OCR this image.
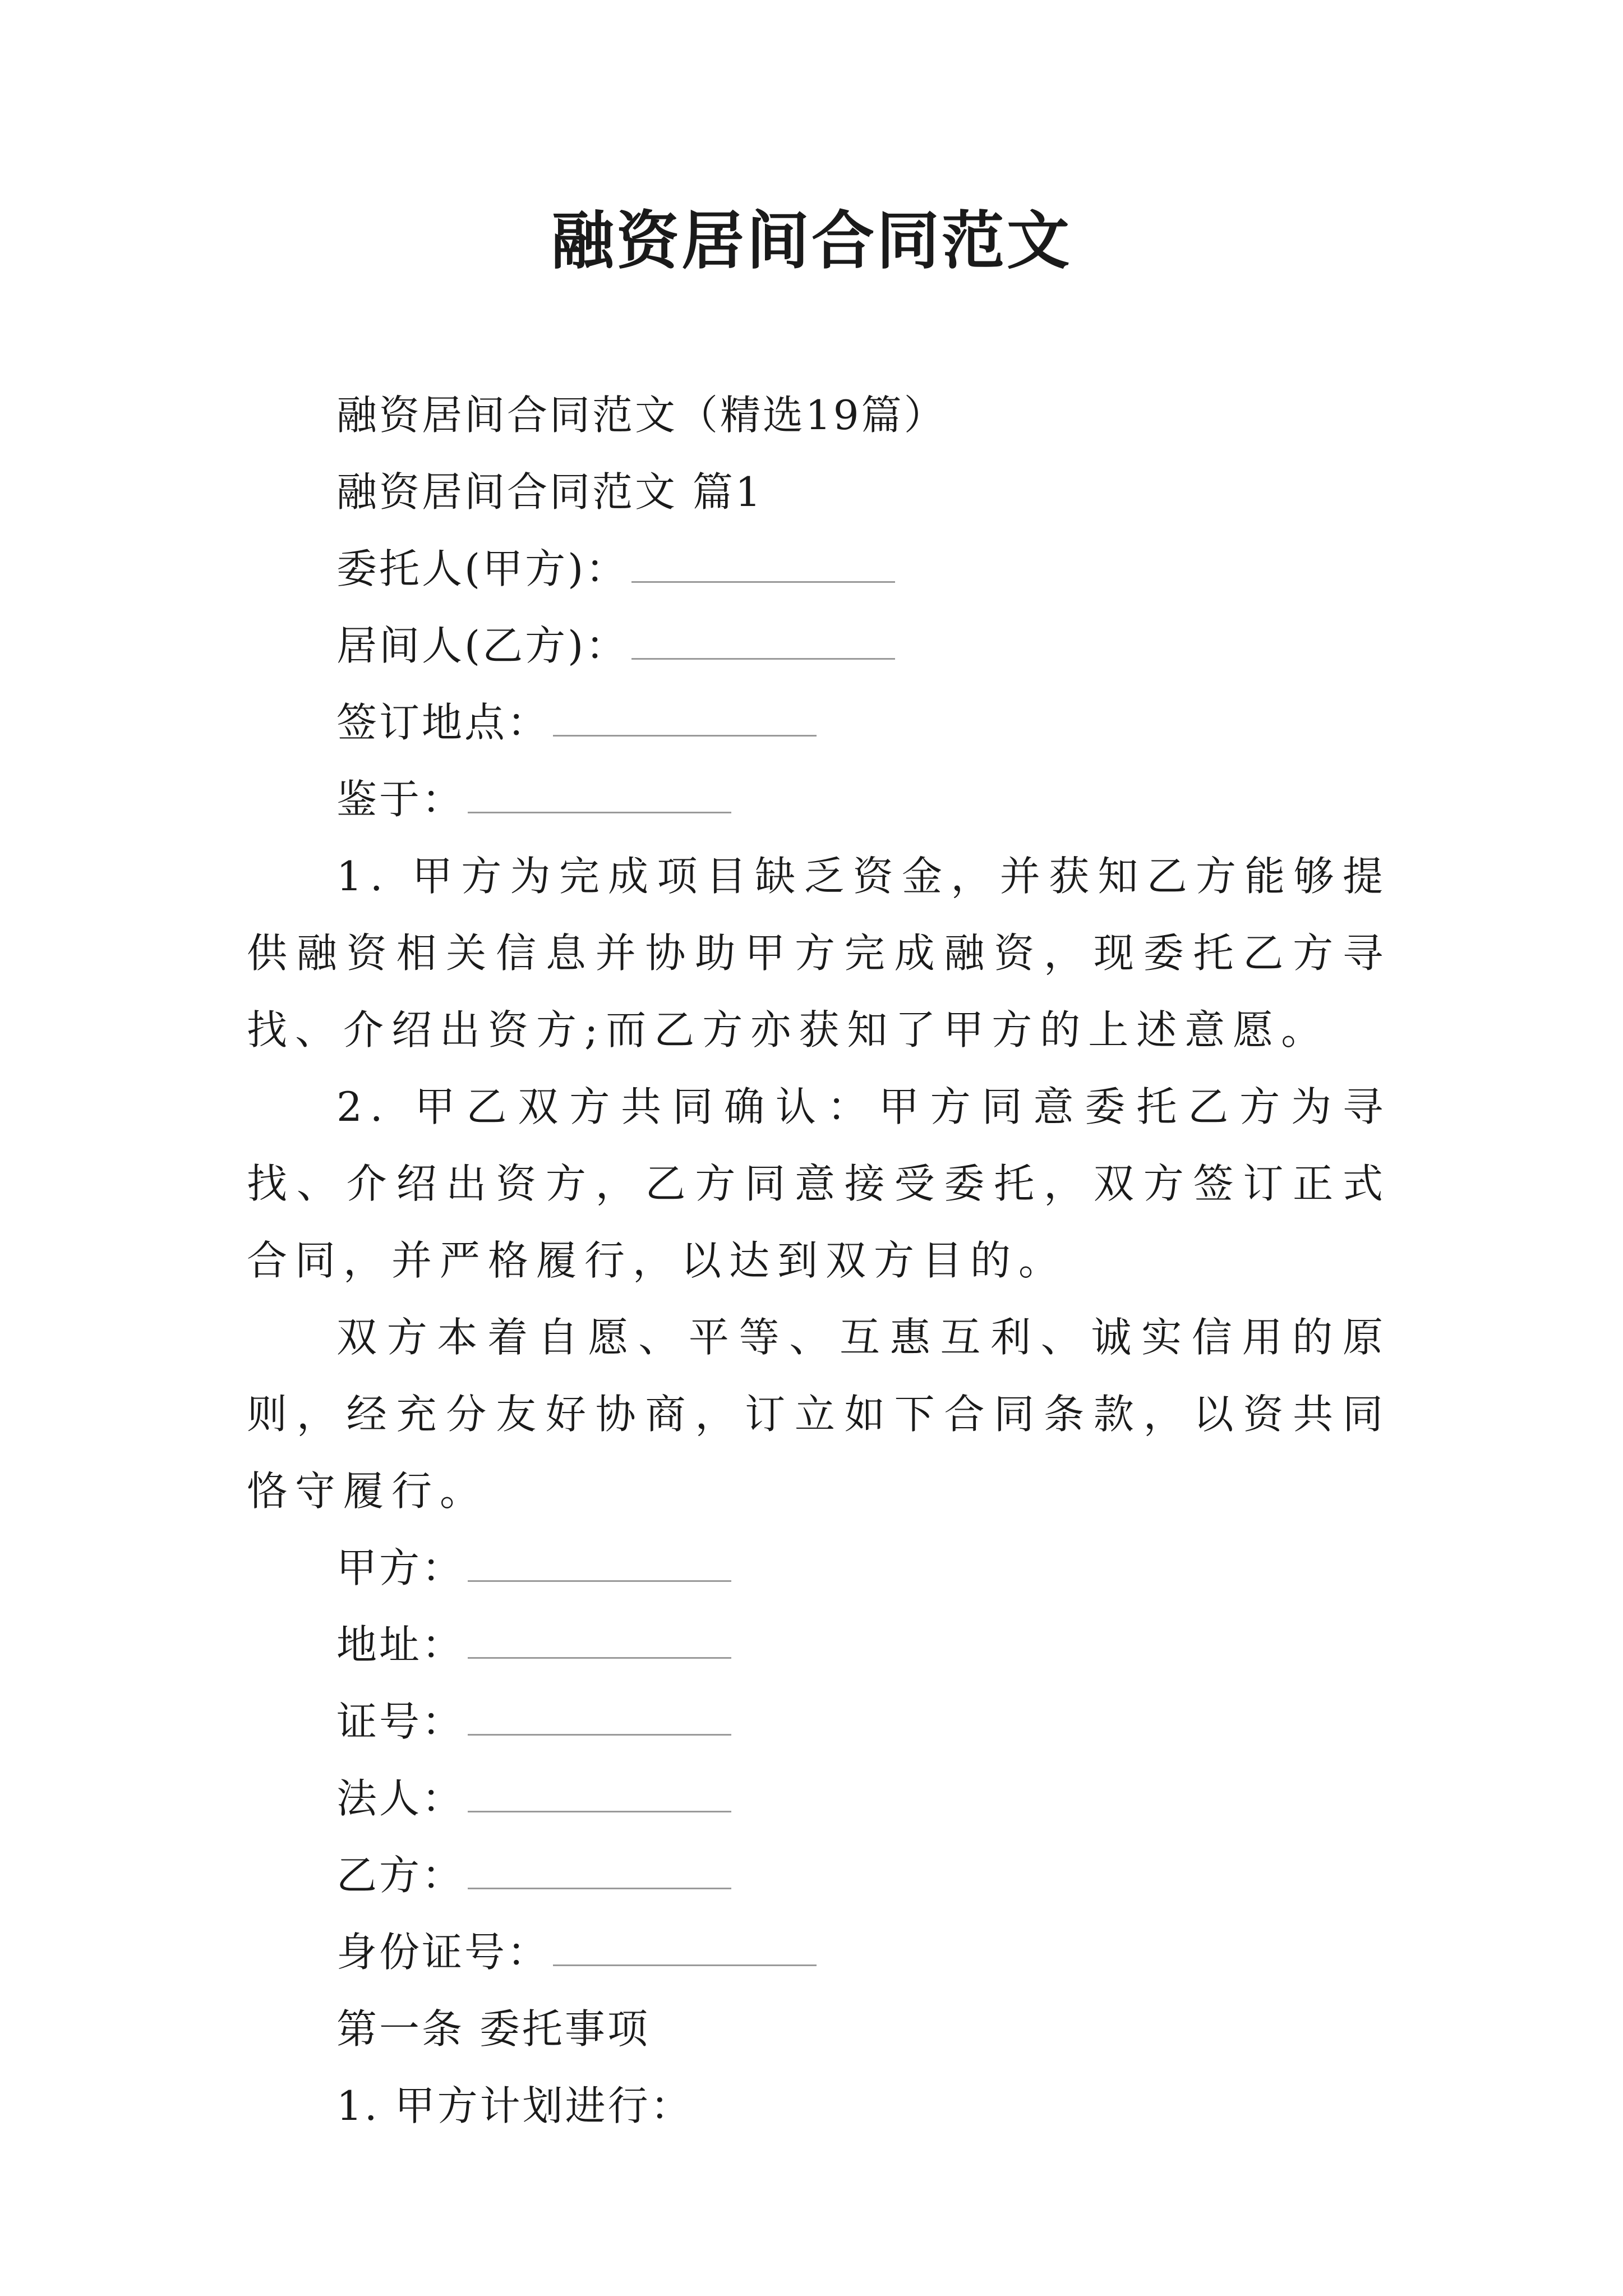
融资居间合同范文
融资居间合同范文（精选19篇）
融资居间合同范文 篇1
委托人(甲方)：
居间人(乙方)：
签订地点：
鉴于：
1. 甲方为完成项目缺乏资金，并获知乙方能够提供融资相关信息并协助甲方完成融资，现委托乙方寻找、介绍出资方;而乙方亦获知了甲方的上述意愿。
2. 甲乙双方共同确认：甲方同意委托乙方为寻找、介绍出资方，乙方同意接受委托，双方签订正式合同，并严格履行，以达到双方目的。
双方本着自愿、平等、互惠互利、诚实信用的原则，经充分友好协商，订立如下合同条款，以资共同恪守履行。
甲方：
地址：
证号：
法人：
乙方：
身份证号：
第一条 委托事项
1. 甲方计划进行：
